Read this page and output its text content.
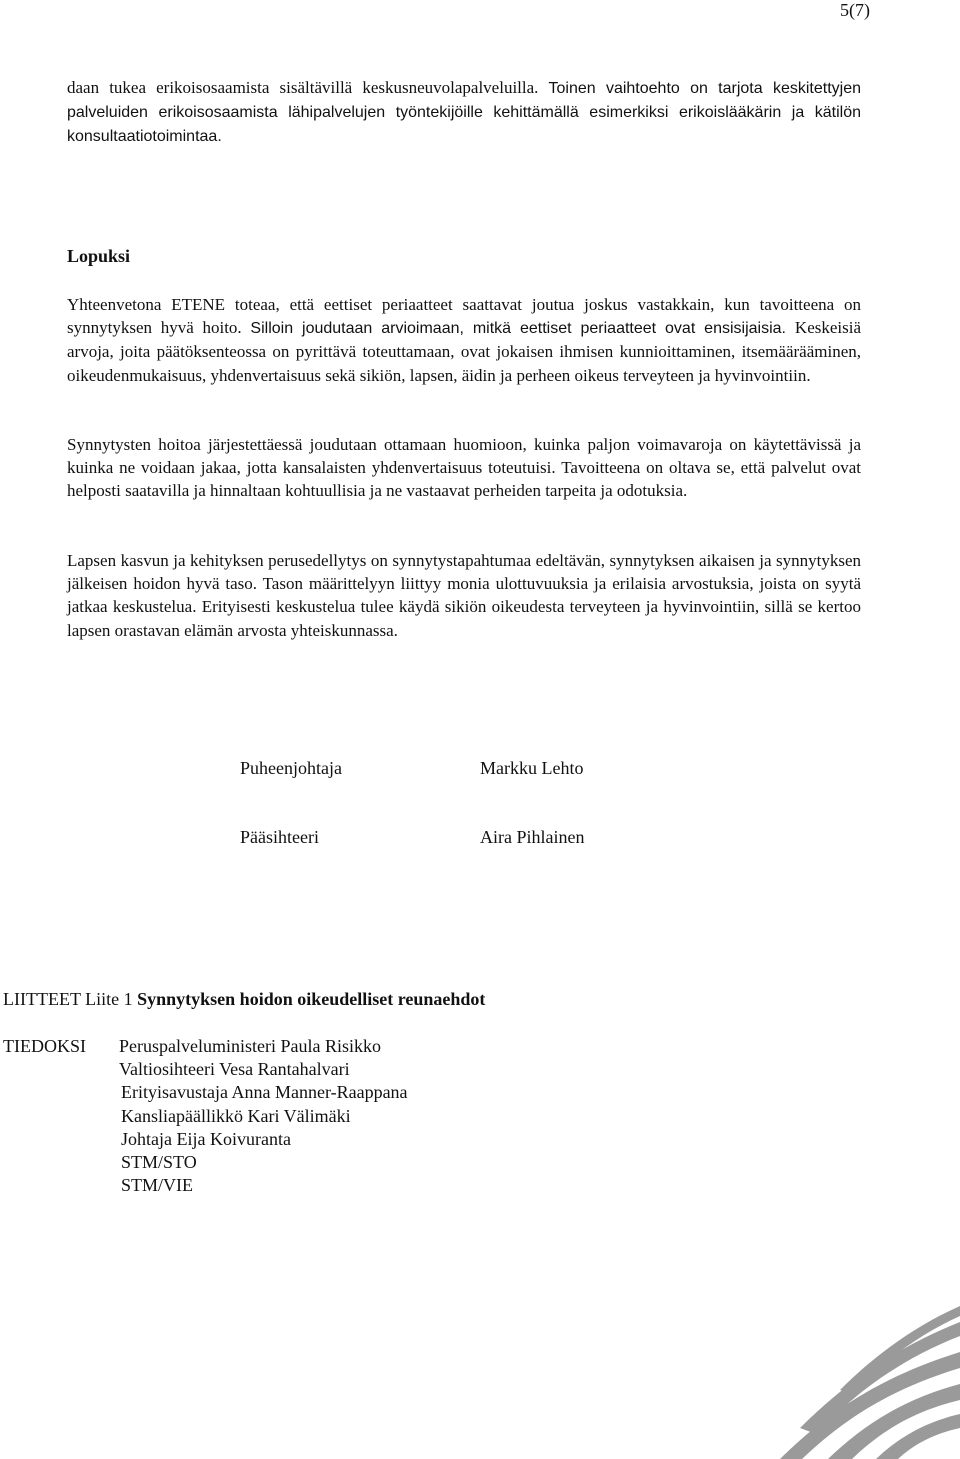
5(7)

daan tukea erikoisosaamista sisältävillä keskusneuvolapalveluilla. Toinen vaihtoehto on tarjota keskitettyjen palveluiden erikoisosaamista lähipalvelujen työntekijöille kehittämällä esimerkiksi erikoislääkärin ja kätilön konsultaatiotoimintaa.

Lopuksi

Yhteenvetona ETENE toteaa, että eettiset periaatteet saattavat joutua joskus vastakkain, kun tavoitteena on synnytyksen hyvä hoito. Silloin joudutaan arvioimaan, mitkä eettiset periaatteet ovat ensisijaisia. Keskeisiä arvoja, joita päätöksenteossa on pyrittävä toteuttamaan, ovat jokaisen ihmisen kunnioittaminen, itsemäärääminen, oikeudenmukaisuus, yhdenvertaisuus sekä sikiön, lapsen, äidin ja perheen oikeus terveyteen ja hyvinvointiin.

Synnytysten hoitoa järjestettäessä joudutaan ottamaan huomioon, kuinka paljon voimavaroja on käytettävissä ja kuinka ne voidaan jakaa, jotta kansalaisten yhdenvertaisuus toteutuisi. Tavoitteena on oltava se, että palvelut ovat helposti saatavilla ja hinnaltaan kohtuullisia ja ne vastaavat perheiden tarpeita ja odotuksia.

Lapsen kasvun ja kehityksen perusedellytys on synnytystapahtumaa edeltävän, synnytyksen aikaisen ja synnytyksen jälkeisen hoidon hyvä taso. Tason määrittelyyn liittyy monia ulottuvuuksia ja erilaisia arvostuksia, joista on syytä jatkaa keskustelua. Erityisesti keskustelua tulee käydä sikiön oikeudesta terveyteen ja hyvinvointiin, sillä se kertoo lapsen orastavan elämän arvosta yhteiskunnassa.

Puheenjohtaja	Markku Lehto
Pääsihteeri	Aira Pihlainen
LIITTEET Liite 1 Synnytyksen hoidon oikeudelliset reunaehdot
TIEDOKSI Peruspalveluministeri Paula Risikko
Valtiosihteeri Vesa Rantahalvari
Erityisavustaja Anna Manner-Raappana
Kansliapäällikkö Kari Välimäki
Johtaja Eija Koivuranta
STM/STO
STM/VIE
